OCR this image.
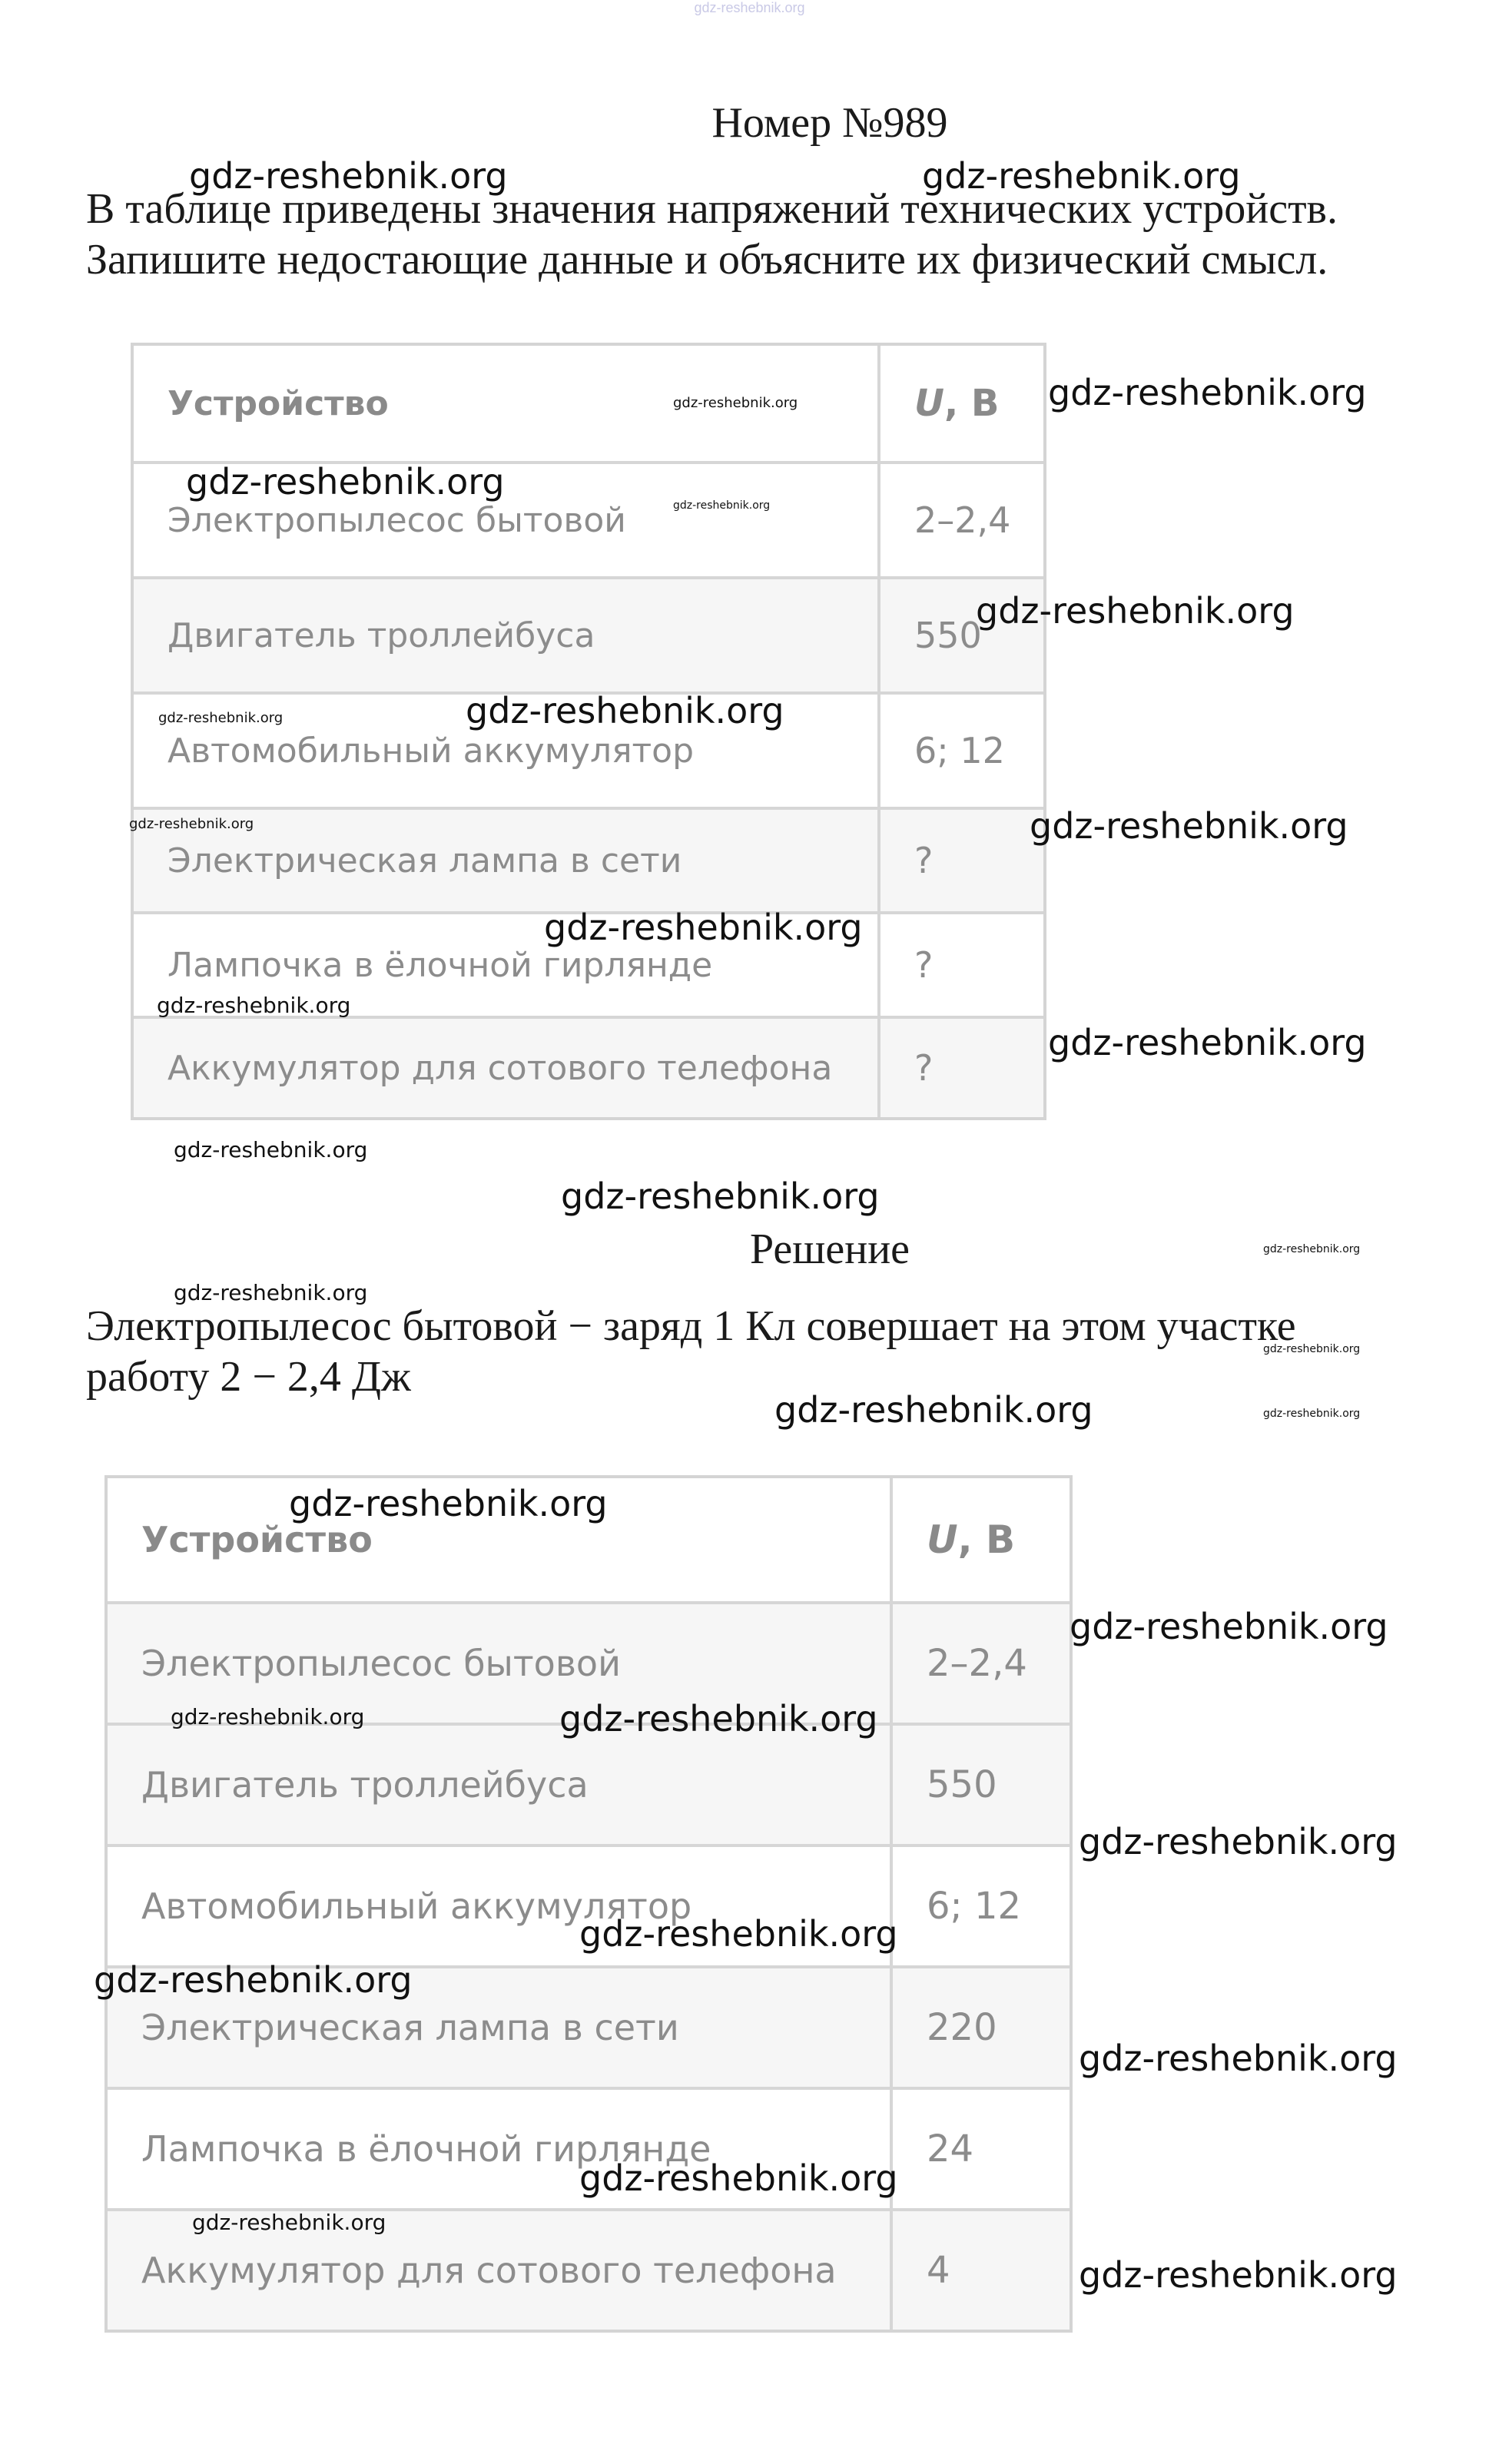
gdz-reshebnik.org
Номер №989
В таблице приведены значения напряжений технических устройств.
Запишите недостающие данные и объясните их физический смысл.
Устройство	U , В
Электропылесос бытовой	2–2,4
Двигатель троллейбуса	550
Автомобильный аккумулятор	6; 12
Электрическая лампа в сети	?
Лампочка в ёлочной гирлянде	?
Аккумулятор для сотового телефона	?
Решение
Электропылесос бытовой − заряд 1 Кл совершает на этом участке
работу 2 − 2,4 Дж
Устройство	U , В
Электропылесос бытовой	2–2,4
Двигатель троллейбуса	550
Автомобильный аккумулятор	6; 12
Электрическая лампа в сети	220
Лампочка в ёлочной гирлянде	24
Аккумулятор для сотового телефона	4
gdz-reshebnik.org	gdz-reshebnik.org
gdz-reshebnik.org
gdz-reshebnik.org
gdz-reshebnik.org
gdz-reshebnik.org
gdz-reshebnik.org
gdz-reshebnik.org
gdz-reshebnik.org
gdz-reshebnik.org	gdz-reshebnik.org
gdz-reshebnik.org
gdz-reshebnik.org
gdz-reshebnik.org
gdz-reshebnik.org
gdz-reshebnik.org
gdz-reshebnik.org
gdz-reshebnik.org
gdz-reshebnik.org
gdz-reshebnik.org	gdz-reshebnik.org
gdz-reshebnik.org
gdz-reshebnik.org
gdz-reshebnik.org	gdz-reshebnik.org
gdz-reshebnik.org
gdz-reshebnik.org
gdz-reshebnik.org
gdz-reshebnik.org
gdz-reshebnik.org
gdz-reshebnik.org
gdz-reshebnik.org
